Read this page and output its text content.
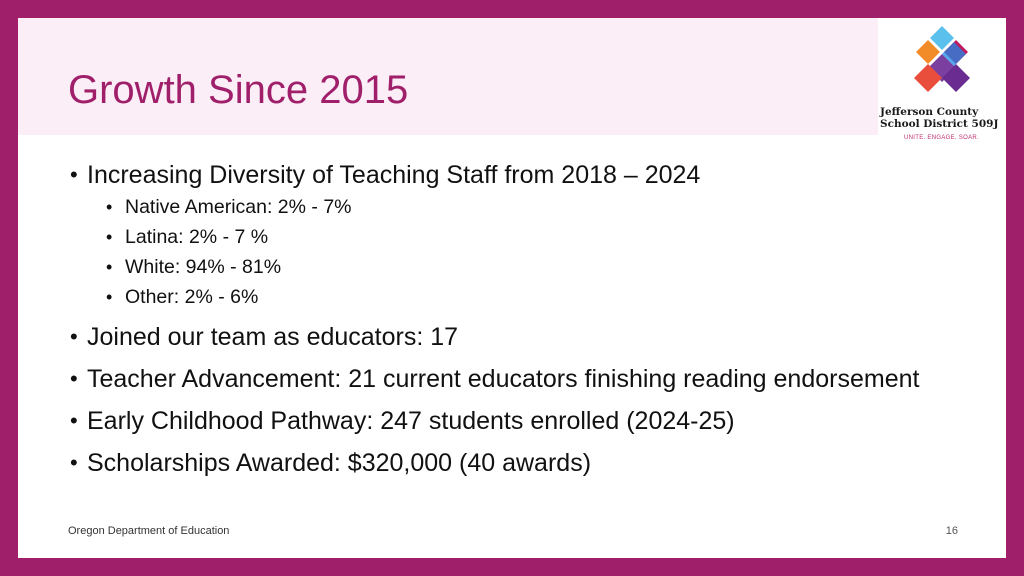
Growth Since 2015	Jefferson County
School District 509J
UNITE. ENGAGE. SOAR.
• Increasing Diversity of Teaching Staff from 2018 – 2024
• Native American: 2% - 7%
• Latina: 2% - 7 %
• White: 94% - 81%
• Other: 2% - 6%
• Joined our team as educators: 17
• Teacher Advancement: 21 current educators finishing reading endorsement
• Early Childhood Pathway: 247 students enrolled (2024-25)
• Scholarships Awarded: $320,000 (40 awards)
Oregon Department of Education	16
